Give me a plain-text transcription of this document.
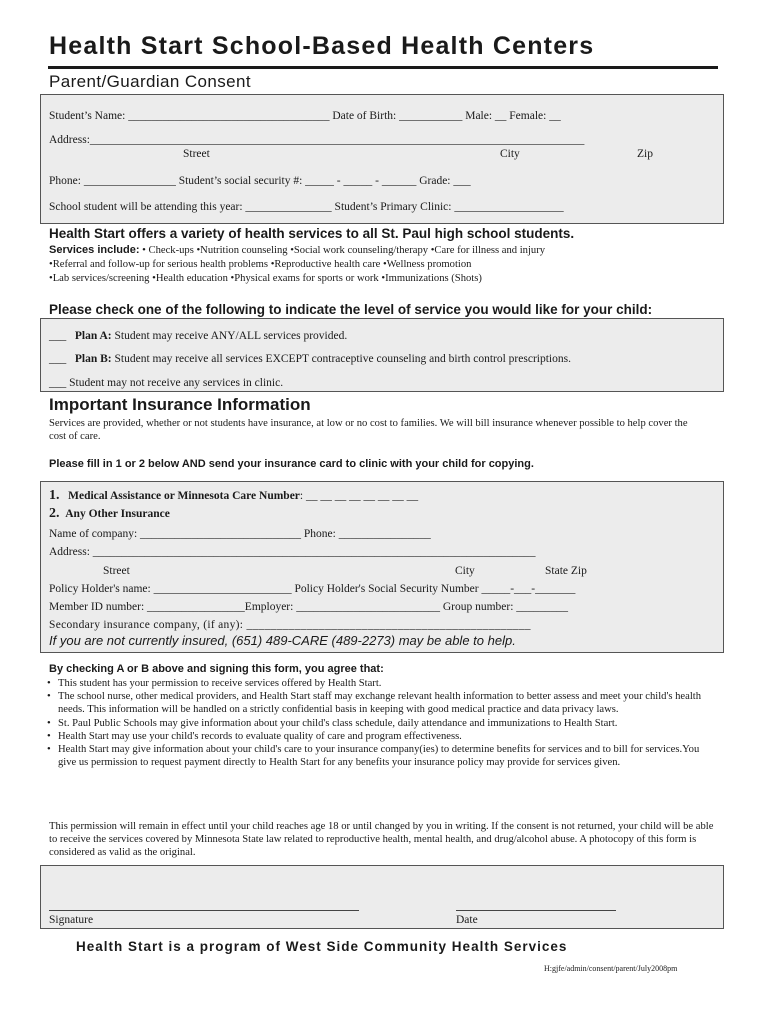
Health Start School-Based Health Centers
Parent/Guardian Consent
Student’s Name: ___________________________________ Date of Birth: ___________ Male: __ Female: __
Address:______________________________________________________________________________________
Street	City	Zip
Phone: ________________ Student’s social security #: _____ - _____ - ______ Grade: ___
School student will be attending this year: _______________ Student’s Primary Clinic: ___________________
Health Start offers a variety of health services to all St. Paul high school students.
Services include: • Check-ups •Nutrition counseling •Social work counseling/therapy •Care for illness and injury
•Referral and follow-up for serious health problems •Reproductive health care •Wellness promotion
•Lab services/screening •Health education •Physical exams for sports or work •Immunizations (Shots)
Please check one of the following to indicate the level of service you would like for your child:
___ Plan A: Student may receive ANY/ALL services provided.
___ Plan B: Student may receive all services EXCEPT contraceptive counseling and birth control prescriptions.
___ Student may not receive any services in clinic.
Important Insurance Information
Services are provided, whether or not students have insurance, at low or no cost to families. We will bill insurance whenever possible to help cover the cost of care.
Please fill in 1 or 2 below AND send your insurance card to clinic with your child for copying.
1. Medical Assistance or Minnesota Care Number: __ __ __ __ __ __ __ __
2. Any Other Insurance
Name of company: ____________________________ Phone: ________________
Address: _____________________________________________________________________________
Street	City	State Zip
Policy Holder's name: ________________________ Policy Holder's Social Security Number _____-___-_______
Member ID number: _________________Employer: _________________________ Group number: _________
Secondary insurance company, (if any): _______________________________________________
If you are not currently insured, (651) 489-CARE (489-2273) may be able to help.
By checking A or B above and signing this form, you agree that:
• This student has your permission to receive services offered by Health Start.
• The school nurse, other medical providers, and Health Start staff may exchange relevant health information to better assess and meet your child's health needs. This information will be handled on a strictly confidential basis in keeping with good medical practice and data privacy laws.
• St. Paul Public Schools may give information about your child's class schedule, daily attendance and immunizations to Health Start.
• Health Start may use your child's records to evaluate quality of care and program effectiveness.
• Health Start may give information about your child's care to your insurance company(ies) to determine benefits for services and to bill for services.You give us permission to request payment directly to Health Start for any benefits your insurance policy may provide for services given.
This permission will remain in effect until your child reaches age 18 or until changed by you in writing. If the consent is not returned, your child will be able to receive the services covered by Minnesota State law related to reproductive health, mental health, and drug/alcohol abuse. A photocopy of this form is considered as valid as the original.
Signature	Date
Health Start is a program of West Side Community Health Services
H:gjfe/admin/consent/parent/July2008pm
